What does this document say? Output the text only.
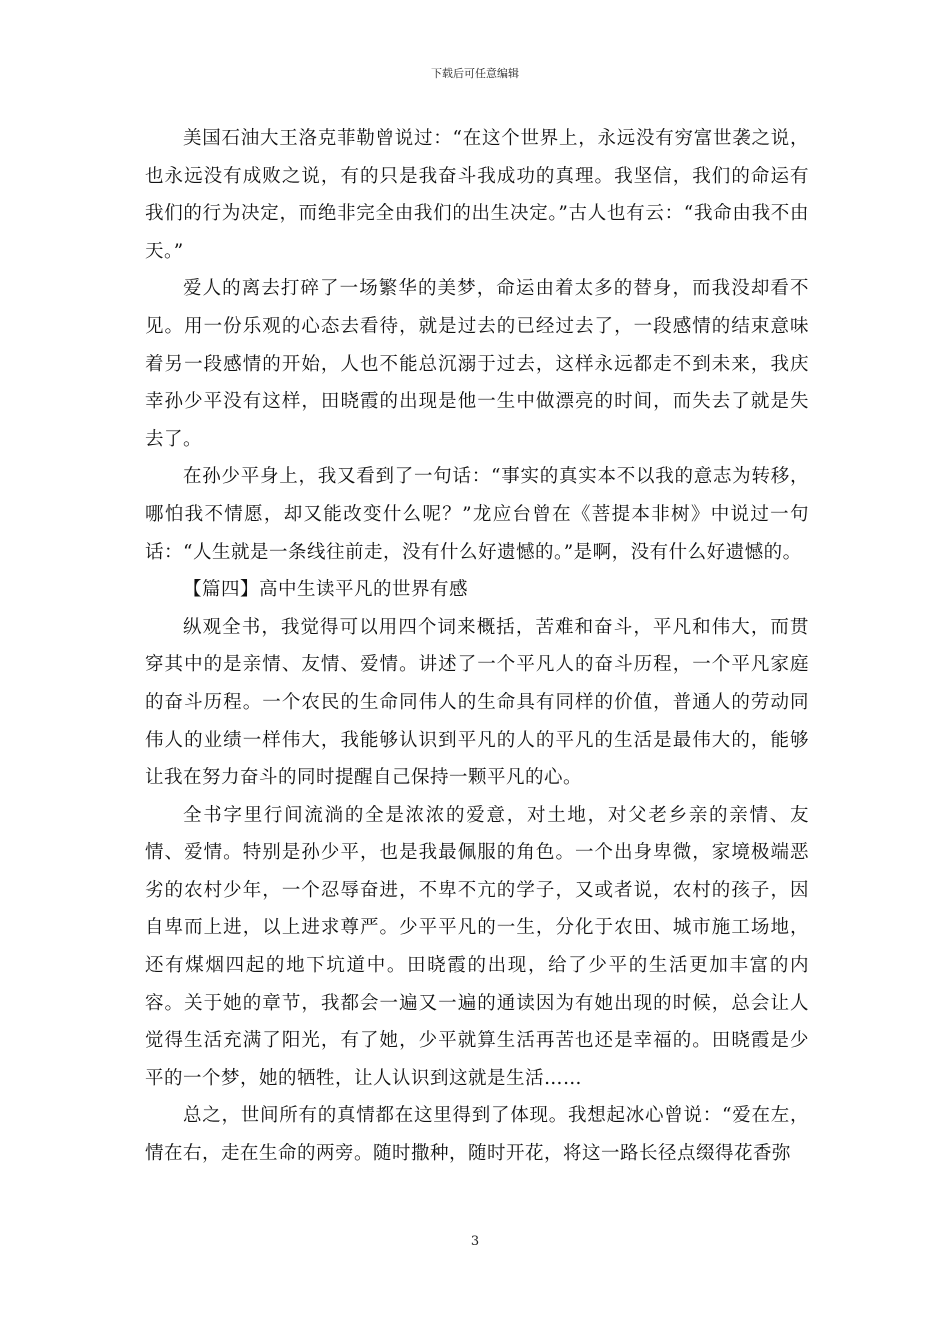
下载后可任意编辑

美国石油大王洛克菲勒曾说过：“在这个世界上，永远没有穷富世袭之说，也永远没有成败之说，有的只是我奋斗我成功的真理。我坚信，我们的命运有我们的行为决定，而绝非完全由我们的出生决定。”古人也有云：“我命由我不由天。”

爱人的离去打碎了一场繁华的美梦，命运由着太多的替身，而我没却看不见。用一份乐观的心态去看待，就是过去的已经过去了，一段感情的结束意味着另一段感情的开始，人也不能总沉溺于过去，这样永远都走不到未来，我庆幸孙少平没有这样，田晓霞的出现是他一生中做漂亮的时间，而失去了就是失去了。

在孙少平身上，我又看到了一句话：“事实的真实本不以我的意志为转移，哪怕我不情愿，却又能改变什么呢？”龙应台曾在《菩提本非树》中说过一句话：“人生就是一条线往前走，没有什么好遗憾的。”是啊，没有什么好遗憾的。

【篇四】高中生读平凡的世界有感

纵观全书，我觉得可以用四个词来概括，苦难和奋斗，平凡和伟大，而贯穿其中的是亲情、友情、爱情。讲述了一个平凡人的奋斗历程，一个平凡家庭的奋斗历程。一个农民的生命同伟人的生命具有同样的价值，普通人的劳动同伟人的业绩一样伟大，我能够认识到平凡的人的平凡的生活是最伟大的，能够让我在努力奋斗的同时提醒自己保持一颗平凡的心。

全书字里行间流淌的全是浓浓的爱意，对土地，对父老乡亲的亲情、友情、爱情。特别是孙少平，也是我最佩服的角色。一个出身卑微，家境极端恶劣的农村少年，一个忍辱奋进，不卑不亢的学子，又或者说，农村的孩子，因自卑而上进，以上进求尊严。少平平凡的一生，分化于农田、城市施工场地，还有煤烟四起的地下坑道中。田晓霞的出现，给了少平的生活更加丰富的内容。关于她的章节，我都会一遍又一遍的通读因为有她出现的时候，总会让人觉得生活充满了阳光，有了她，少平就算生活再苦也还是幸福的。田晓霞是少平的一个梦，她的牺牲，让人认识到这就是生活……

总之，世间所有的真情都在这里得到了体现。我想起冰心曾说：“爱在左，情在右，走在生命的两旁。随时撒种，随时开花，将这一路长径点缀得花香弥

3
